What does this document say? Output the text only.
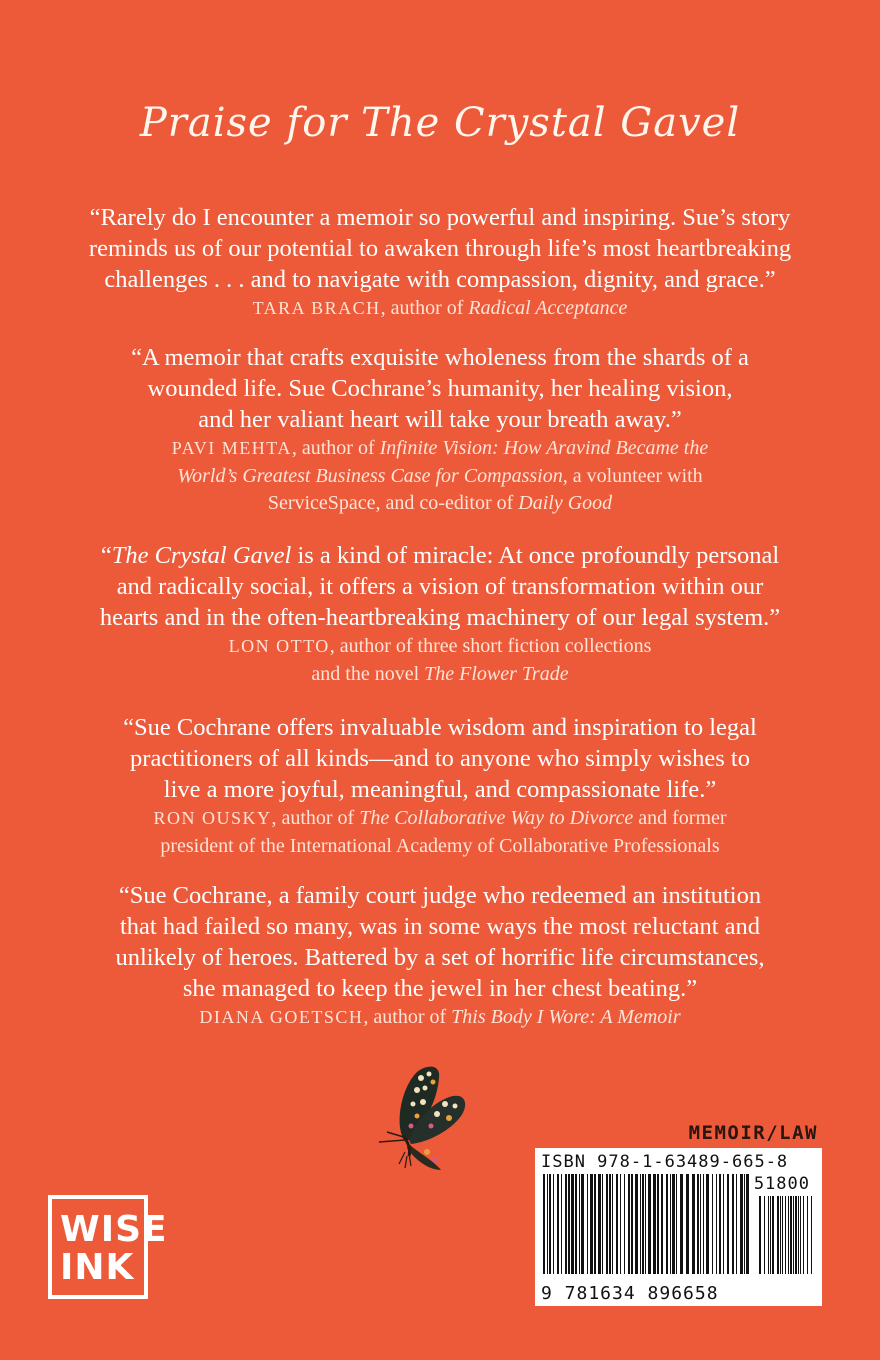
Praise for The Crystal Gavel
“Rarely do I encounter a memoir so powerful and inspiring. Sue’s story
reminds us of our potential to awaken through life’s most heartbreaking
challenges . . . and to navigate with compassion, dignity, and grace.”
TARA BRACH, author of Radical Acceptance
“A memoir that crafts exquisite wholeness from the shards of a
wounded life. Sue Cochrane’s humanity, her healing vision,
and her valiant heart will take your breath away.”
PAVI MEHTA, author of Infinite Vision: How Aravind Became the
World’s Greatest Business Case for Compassion, a volunteer with
ServiceSpace, and co-editor of Daily Good
“The Crystal Gavel is a kind of miracle: At once profoundly personal
and radically social, it offers a vision of transformation within our
hearts and in the often-heartbreaking machinery of our legal system.”
LON OTTO, author of three short fiction collections
and the novel The Flower Trade
“Sue Cochrane offers invaluable wisdom and inspiration to legal
practitioners of all kinds—and to anyone who simply wishes to
live a more joyful, meaningful, and compassionate life.”
RON OUSKY, author of The Collaborative Way to Divorce and former
president of the International Academy of Collaborative Professionals
“Sue Cochrane, a family court judge who redeemed an institution
that had failed so many, was in some ways the most reluctant and
unlikely of heroes. Battered by a set of horrific life circumstances,
she managed to keep the jewel in her chest beating.”
DIANA GOETSCH, author of This Body I Wore: A Memoir
WISE
INK
MEMOIR/LAW
ISBN 978-1-63489-665-8
51800
9 781634 896658
